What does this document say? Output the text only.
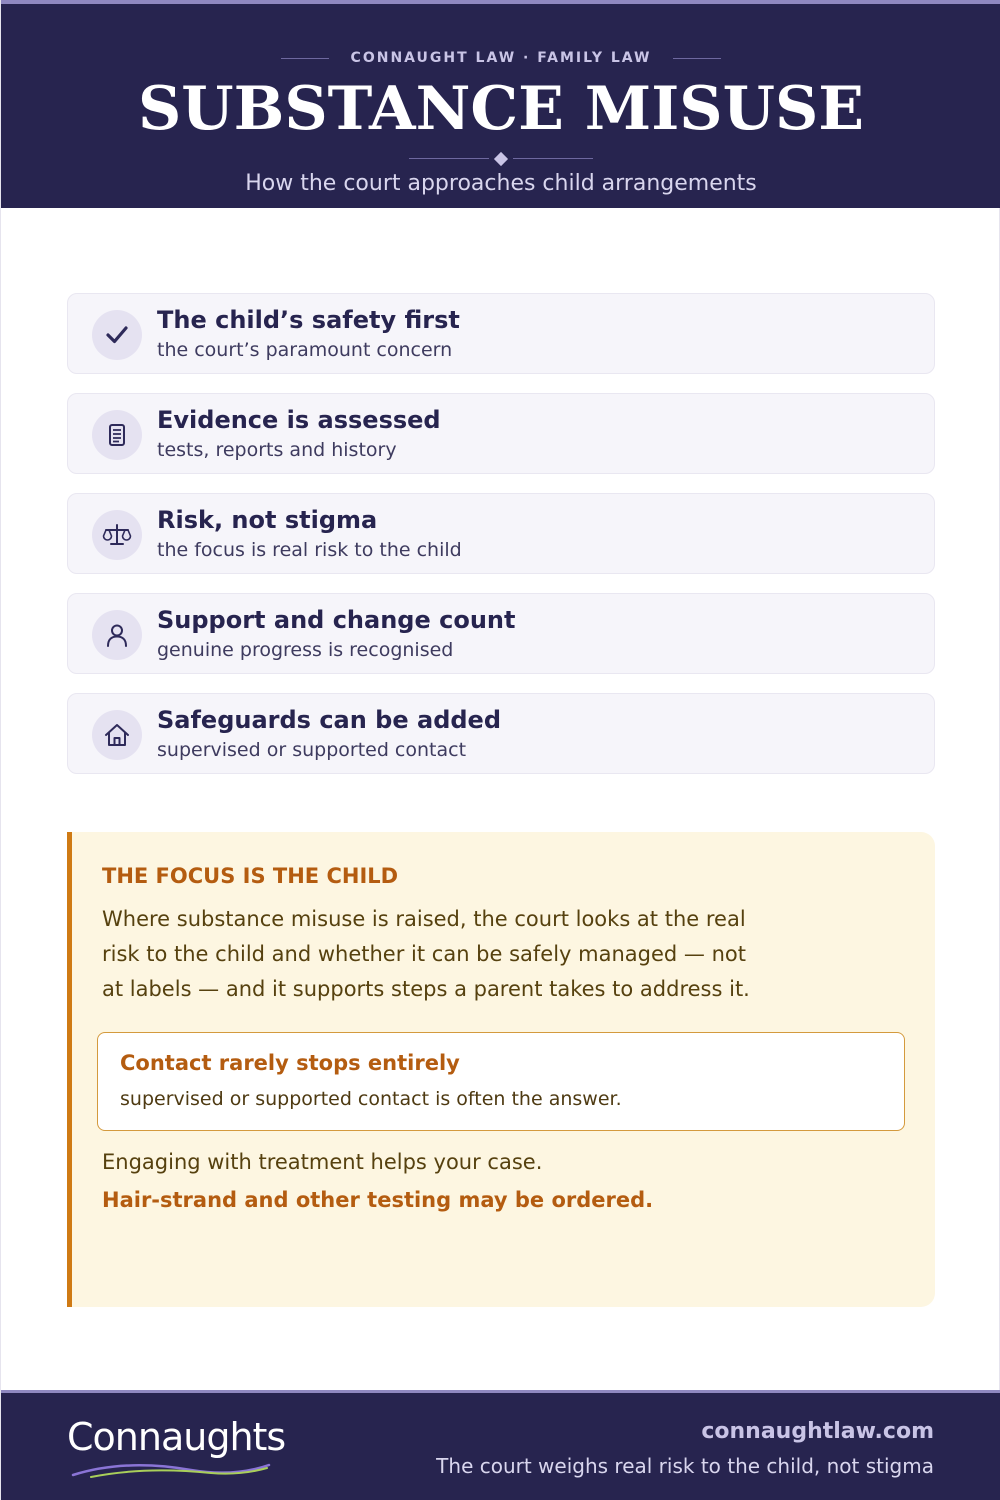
CONNAUGHT LAW · FAMILY LAW
SUBSTANCE MISUSE
How the court approaches child arrangements
The child’s safety first
the court’s paramount concern
Evidence is assessed
tests, reports and history
Risk, not stigma
the focus is real risk to the child
Support and change count
genuine progress is recognised
Safeguards can be added
supervised or supported contact
THE FOCUS IS THE CHILD
Where substance misuse is raised, the court looks at the real risk to the child and whether it can be safely managed — not at labels — and it supports steps a parent takes to address it.
Contact rarely stops entirely
supervised or supported contact is often the answer.
Engaging with treatment helps your case.
Hair-strand and other testing may be ordered.
Connaughts	connaughtlaw.com
The court weighs real risk to the child, not stigma
